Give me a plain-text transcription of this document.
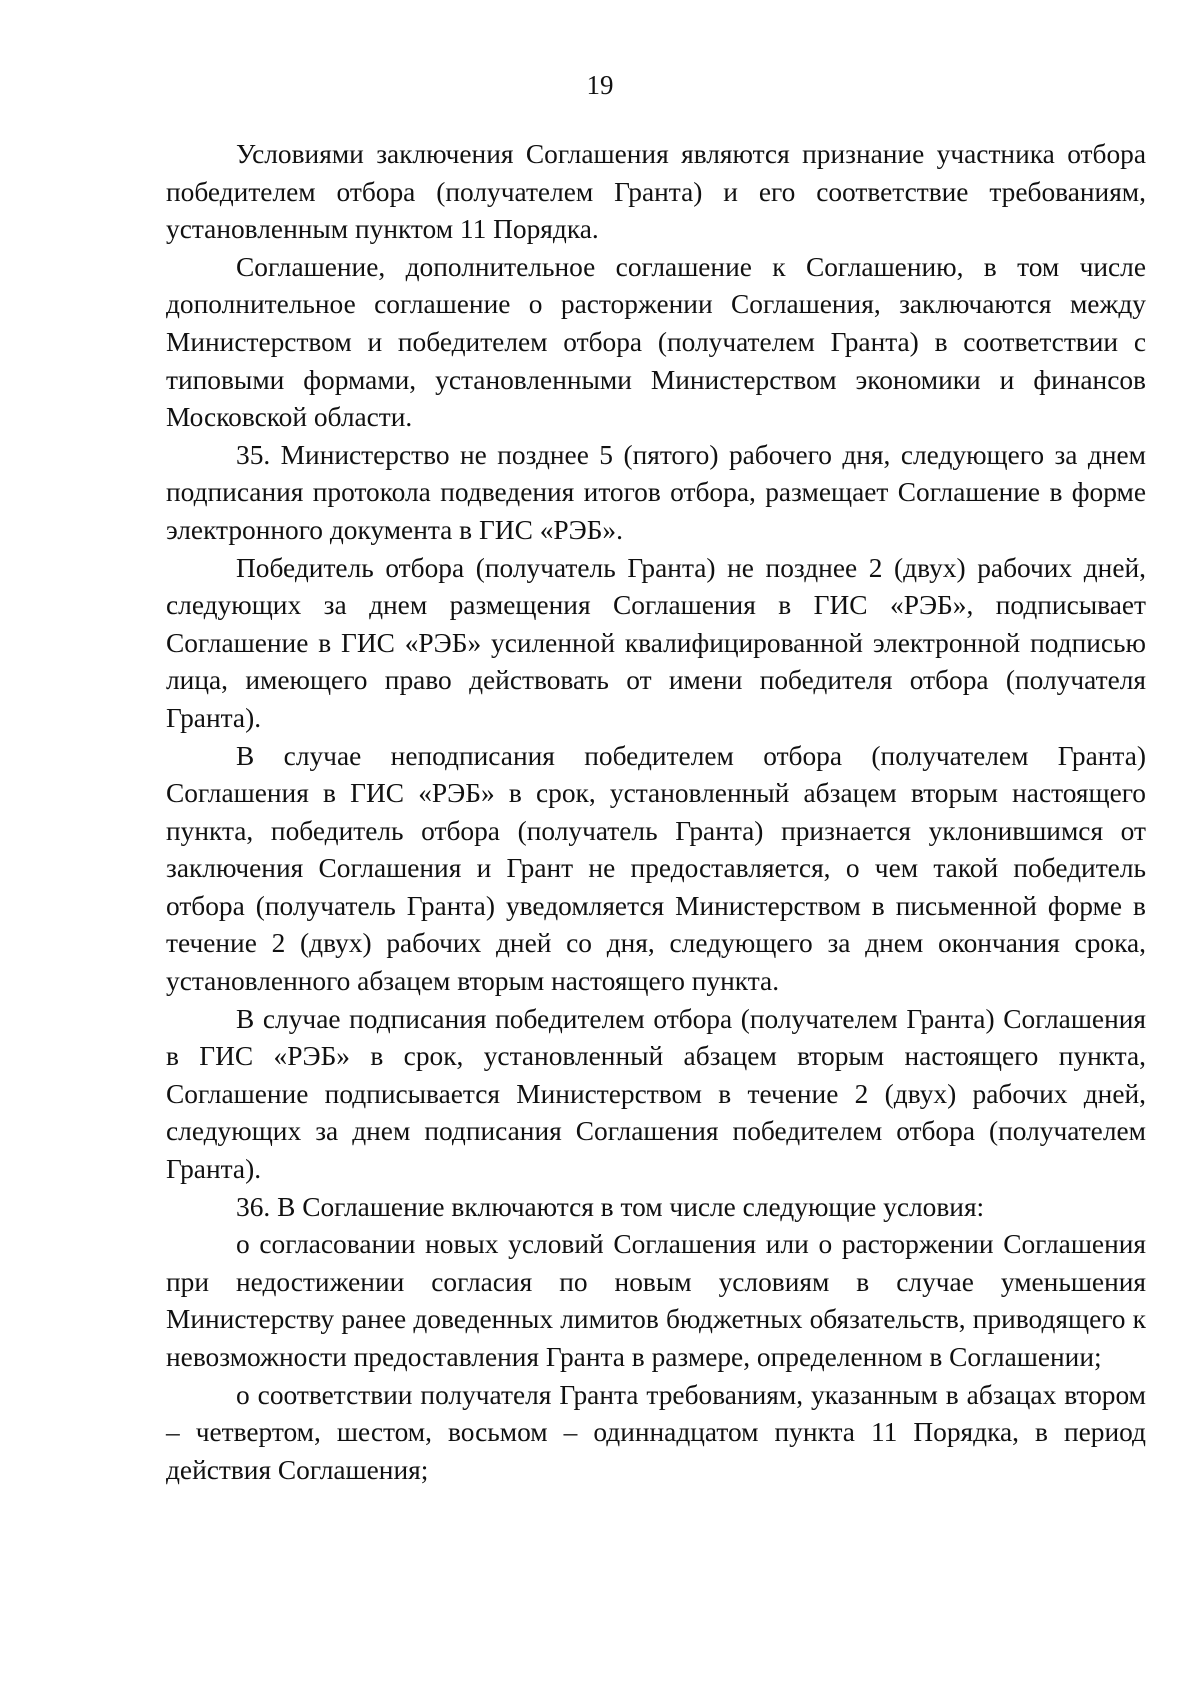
19

Условиями заключения Соглашения являются признание участника отбора победителем отбора (получателем Гранта) и его соответствие требованиям, установленным пунктом 11 Порядка.

Соглашение, дополнительное соглашение к Соглашению, в том числе дополнительное соглашение о расторжении Соглашения, заключаются между Министерством и победителем отбора (получателем Гранта) в соответствии с типовыми формами, установленными Министерством экономики и финансов Московской области.

35. Министерство не позднее 5 (пятого) рабочего дня, следующего за днем подписания протокола подведения итогов отбора, размещает Соглашение в форме электронного документа в ГИС «РЭБ».

Победитель отбора (получатель Гранта) не позднее 2 (двух) рабочих дней, следующих за днем размещения Соглашения в ГИС «РЭБ», подписывает Соглашение в ГИС «РЭБ» усиленной квалифицированной электронной подписью лица, имеющего право действовать от имени победителя отбора (получателя Гранта).

В случае неподписания победителем отбора (получателем Гранта) Соглашения в ГИС «РЭБ» в срок, установленный абзацем вторым настоящего пункта, победитель отбора (получатель Гранта) признается уклонившимся от заключения Соглашения и Грант не предоставляется, о чем такой победитель отбора (получатель Гранта) уведомляется Министерством в письменной форме в течение 2 (двух) рабочих дней со дня, следующего за днем окончания срока, установленного абзацем вторым настоящего пункта.

В случае подписания победителем отбора (получателем Гранта) Соглашения в ГИС «РЭБ» в срок, установленный абзацем вторым настоящего пункта, Соглашение подписывается Министерством в течение 2 (двух) рабочих дней, следующих за днем подписания Соглашения победителем отбора (получателем Гранта).

36. В Соглашение включаются в том числе следующие условия:

о согласовании новых условий Соглашения или о расторжении Соглашения при недостижении согласия по новым условиям в случае уменьшения Министерству ранее доведенных лимитов бюджетных обязательств, приводящего к невозможности предоставления Гранта в размере, определенном в Соглашении;

о соответствии получателя Гранта требованиям, указанным в абзацах втором – четвертом, шестом, восьмом – одиннадцатом пункта 11 Порядка, в период действия Соглашения;
